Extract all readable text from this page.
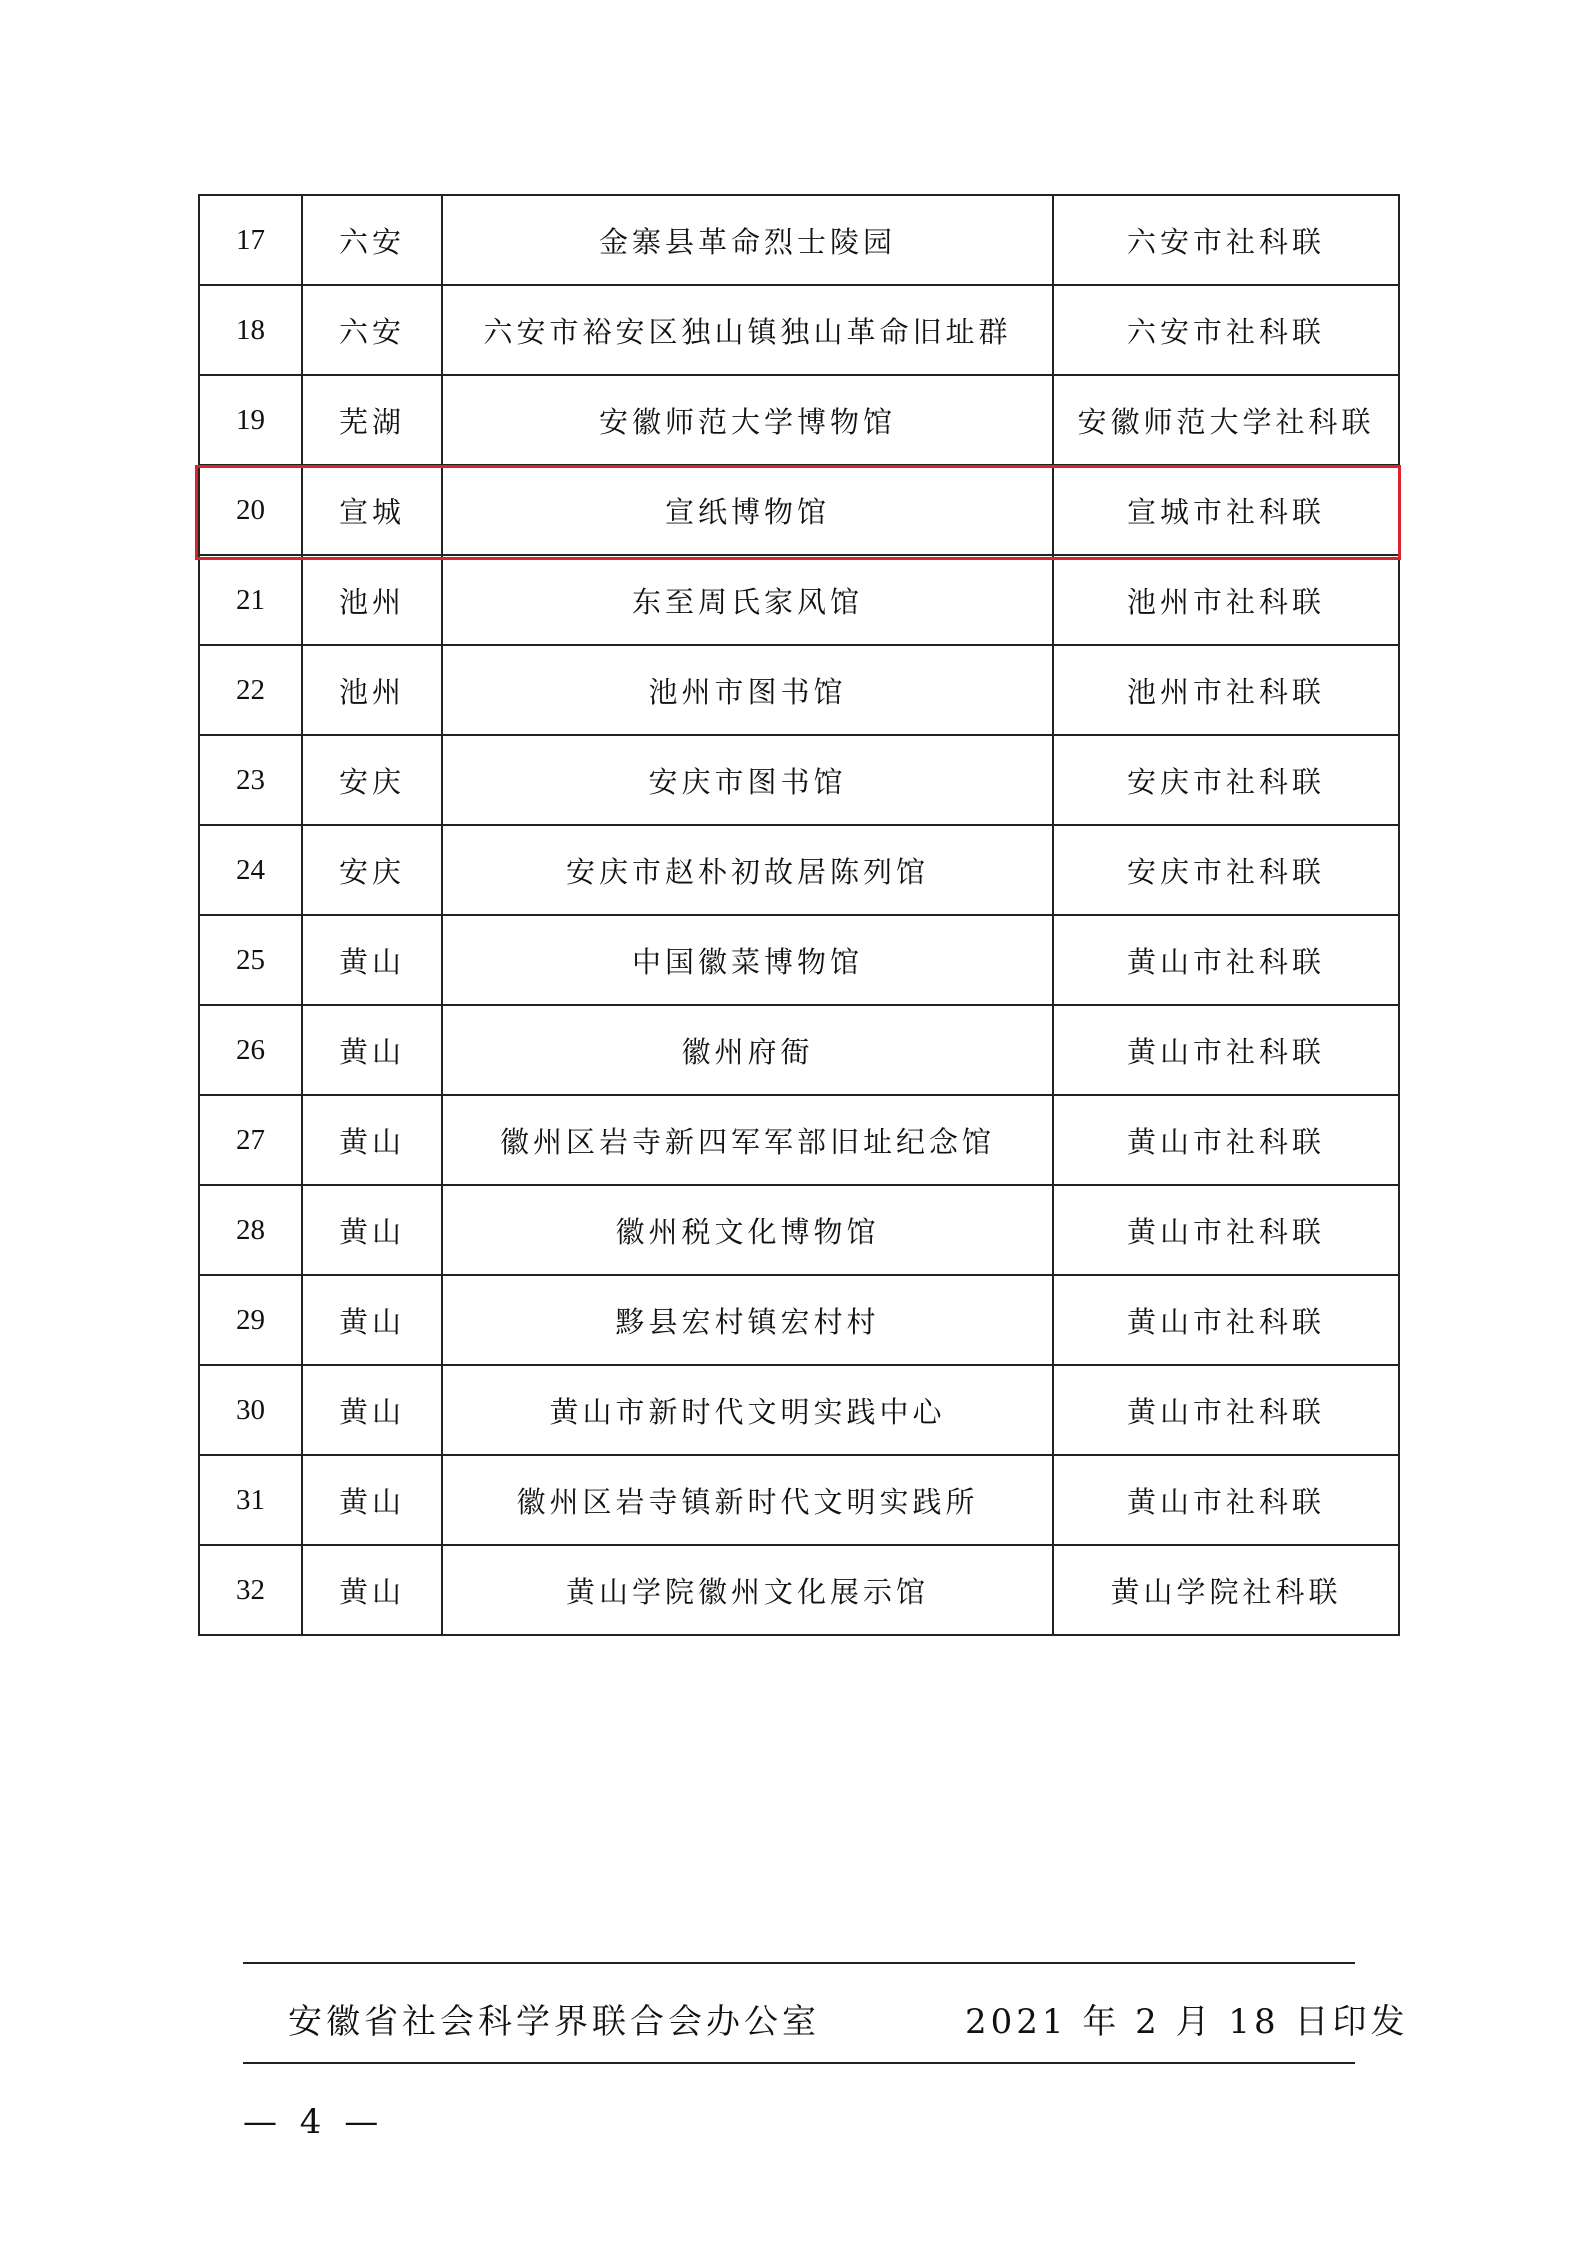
17	六安	金寨县革命烈士陵园	六安市社科联
18	六安	六安市裕安区独山镇独山革命旧址群	六安市社科联
19	芜湖	安徽师范大学博物馆	安徽师范大学社科联
20	宣城	宣纸博物馆	宣城市社科联
21	池州	东至周氏家风馆	池州市社科联
22	池州	池州市图书馆	池州市社科联
23	安庆	安庆市图书馆	安庆市社科联
24	安庆	安庆市赵朴初故居陈列馆	安庆市社科联
25	黄山	中国徽菜博物馆	黄山市社科联
26	黄山	徽州府衙	黄山市社科联
27	黄山	徽州区岩寺新四军军部旧址纪念馆	黄山市社科联
28	黄山	徽州税文化博物馆	黄山市社科联
29	黄山	黟县宏村镇宏村村	黄山市社科联
30	黄山	黄山市新时代文明实践中心	黄山市社科联
31	黄山	徽州区岩寺镇新时代文明实践所	黄山市社科联
32	黄山	黄山学院徽州文化展示馆	黄山学院社科联
安徽省社会科学界联合会办公室	2021 年 2 月 18 日印发
— 4 —
